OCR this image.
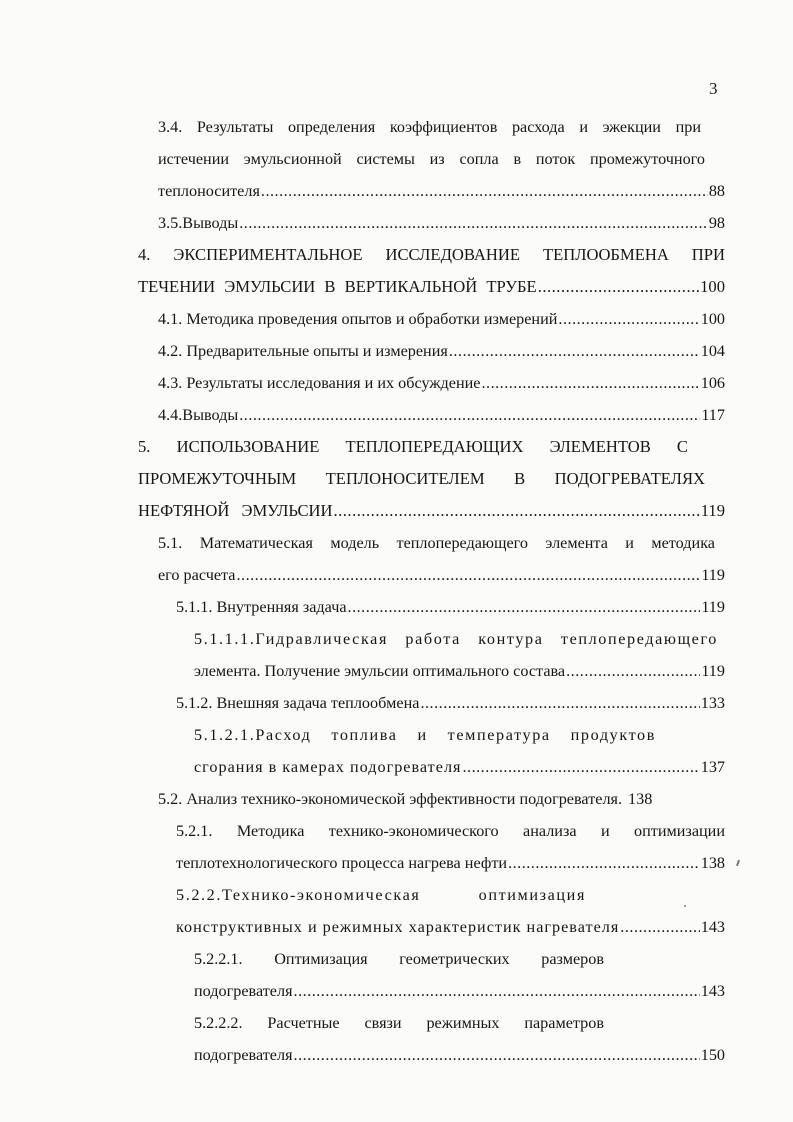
3
3.4. Результаты определения коэффициентов расхода и эжекции при
истечении эмульсионной системы из сопла в поток промежуточного
теплоносителя .....	88
3.5.Выводы .....	98
4. ЭКСПЕРИМЕНТАЛЬНОЕ ИССЛЕДОВАНИЕ ТЕПЛООБМЕНА ПРИ
ТЕЧЕНИИ ЭМУЛЬСИИ В ВЕРТИКАЛЬНОЙ ТРУБЕ .....	100
4.1. Методика проведения опытов и обработки измерений .....	100
4.2. Предварительные опыты и измерения .....	104
4.3. Результаты исследования и их обсуждение .....	106
4.4.Выводы .....	117
5. ИСПОЛЬЗОВАНИЕ ТЕПЛОПЕРЕДАЮЩИХ ЭЛЕМЕНТОВ С
ПРОМЕЖУТОЧНЫМ ТЕПЛОНОСИТЕЛЕМ В ПОДОГРЕВАТЕЛЯХ
НЕФТЯНОЙ ЭМУЛЬСИИ .....	119
5.1. Математическая модель теплопередающего элемента и методика
его расчета .....	119
5.1.1. Внутренняя задача .....	119
5.1.1.1.Гидравлическая работа контура теплопередающего
элемента. Получение эмульсии оптимального состава .....	119
5.1.2. Внешняя задача теплообмена .....	133
5.1.2.1.Расход топлива и температура продуктов
сгорания в камерах подогревателя .....	137
5.2. Анализ технико-экономической эффективности подогревателя. 138
5.2.1. Методика технико-экономического анализа и оптимизации
теплотехнологического процесса нагрева нефти .....	138
5.2.2.Технико-экономическая оптимизация
конструктивных и режимных характеристик нагревателя .....	143
5.2.2.1. Оптимизация геометрических размеров
подогревателя .....	143
5.2.2.2. Расчетные связи режимных параметров
подогревателя .....	150
